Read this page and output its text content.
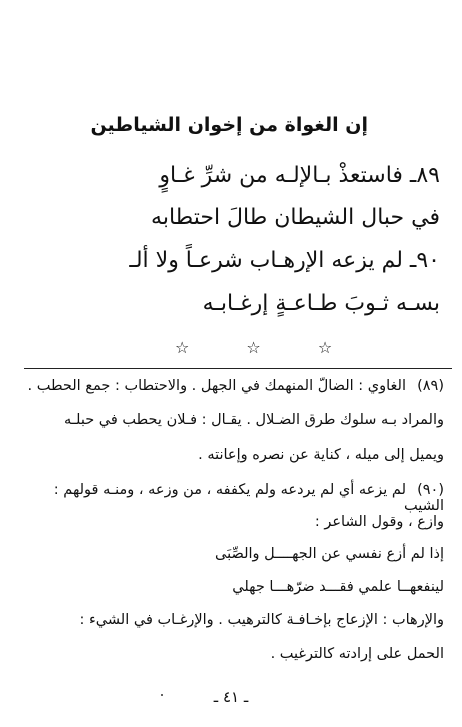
إن الغواة من إخوان الشياطين
٨٩ـ فاستعذْ بـالإلـه من شرِّ غـاوٍ
في حبال الشيطان طالَ احتطابه
٩٠ـ لم يزعه الإرهـاب شرعـاً ولا ألـ
بسـه ثـوبَ طـاعـةٍ إرغـابـه
☆ ☆ ☆
(٨٩)الغاوي : الضالّ المنهمك في الجهل . والاحتطاب : جمع الحطب .
والمراد بـه سلوك طرق الضـلال . يقـال : فـلان يحطب في حبلـه
ويميل إلى ميله ، كناية عن نصره وإعانته .
(٩٠)لم يزعه أي لم يردعه ولم يكففه ، من وزعه ، ومنـه قولهم : الشيب
وازع ، وقول الشاعر :
إذا لم أزع نفسي عن الجهــــل والصِّبَى
لينفعهــا علمي فقـــد ضرّهـــا جهلي
والإرهاب : الإزعاج بإخـافـة كالترهيب . والإرغـاب في الشيء :
الحمل على إرادته كالترغيب .
ـ ٤١ ـ
